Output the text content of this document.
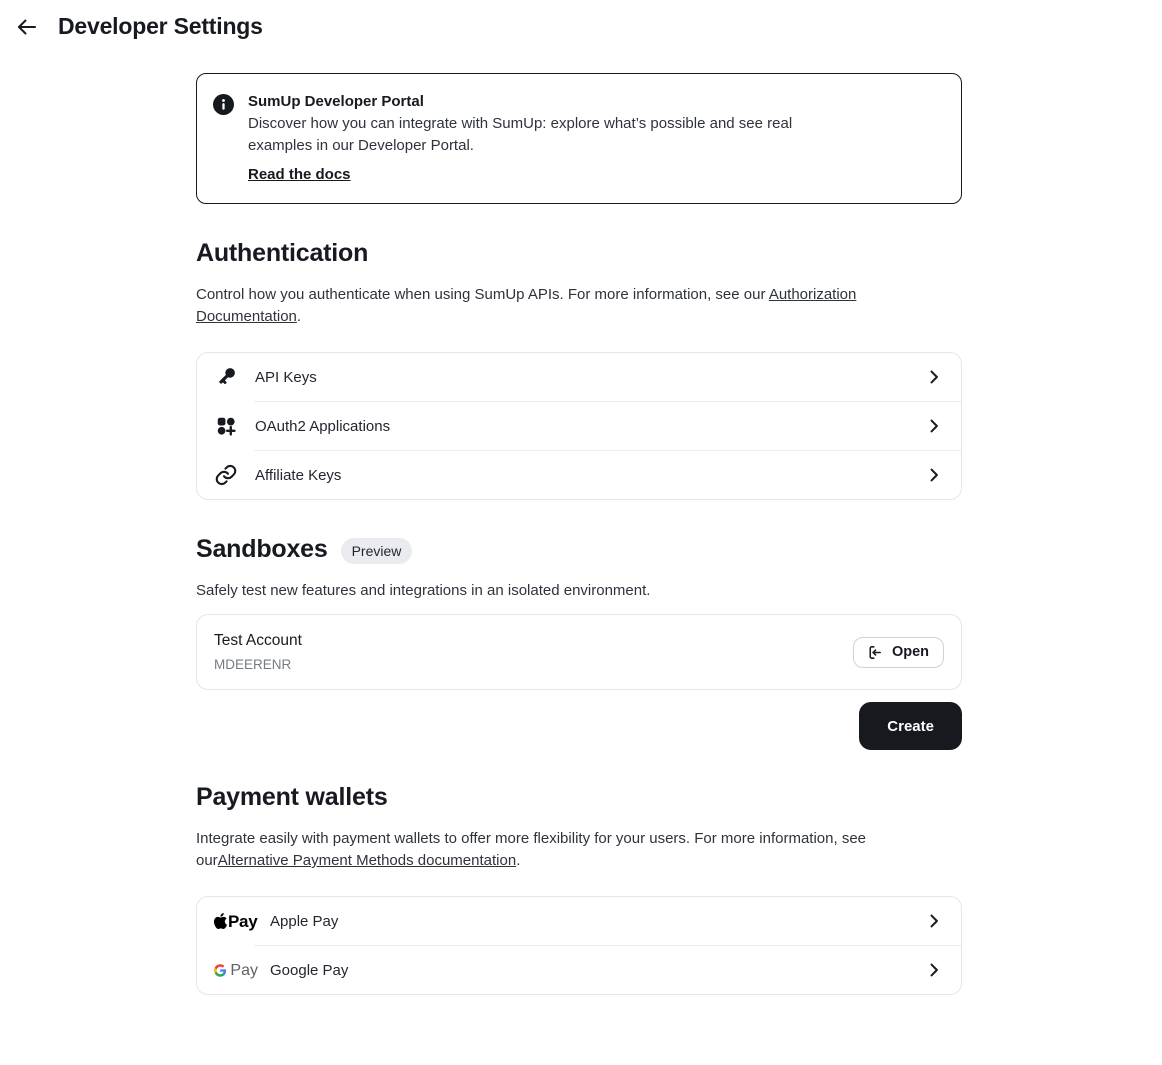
Developer Settings
SumUp Developer Portal

Discover how you can integrate with SumUp: explore what’s possible and see real examples in our Developer Portal.

Read the docs
Authentication

Control how you authenticate when using SumUp APIs. For more information, see our Authorization Documentation.

API Keys
OAuth2 Applications
Affiliate Keys
Sandboxes	Preview

Safely test new features and integrations in an isolated environment.

Test Account
MDEERENR
Open
Create
Payment wallets

Integrate easily with payment wallets to offer more flexibility for your users. For more information, see ourAlternative Payment Methods documentation.

Pay Apple Pay
Pay Google Pay
